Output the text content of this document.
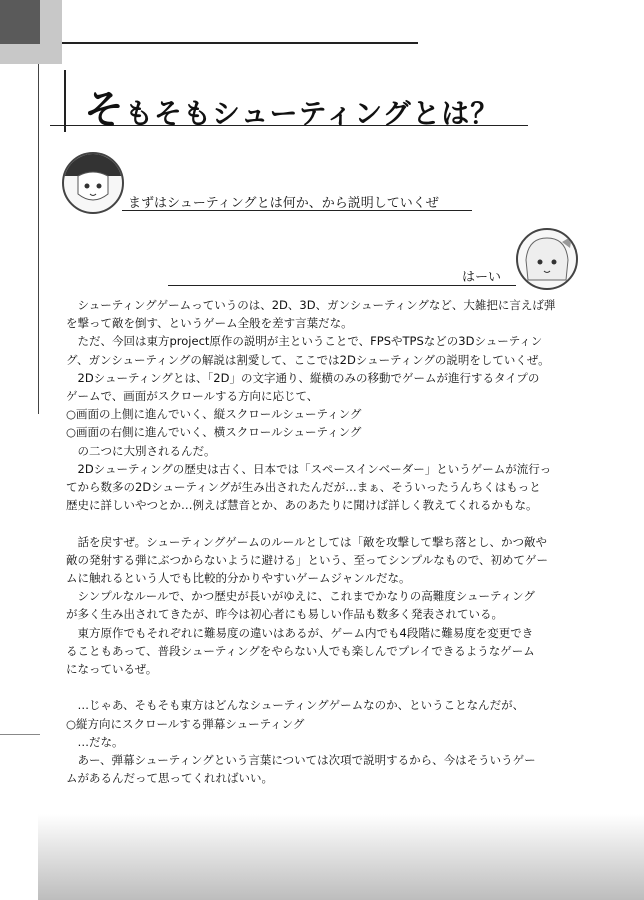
そもそもシューティングとは？
まずはシューティングとは何か、から説明していくぜ
はーい

　シューティングゲームっていうのは、2D、3D、ガンシューティングなど、大雑把に言えば弾

を撃って敵を倒す、というゲーム全般を差す言葉だな。

　ただ、今回は東方project原作の説明が主ということで、FPSやTPSなどの3Dシューティン

グ、ガンシューティングの解説は割愛して、ここでは2Dシューティングの説明をしていくぜ。

　2Dシューティングとは、「2D」の文字通り、縦横のみの移動でゲームが進行するタイプの

ゲームで、画面がスクロールする方向に応じて、

○画面の上側に進んでいく、縦スクロールシューティング

○画面の右側に進んでいく、横スクロールシューティング

　の二つに大別されるんだ。

　2Dシューティングの歴史は古く、日本では「スペースインベーダー」というゲームが流行っ

てから数多の2Dシューティングが生み出されたんだが…まぁ、そういったうんちくはもっと

歴史に詳しいやつとか…例えば慧音とか、あのあたりに聞けば詳しく教えてくれるかもな。

　話を戻すぜ。シューティングゲームのルールとしては「敵を攻撃して撃ち落とし、かつ敵や

敵の発射する弾にぶつからないように避ける」という、至ってシンプルなもので、初めてゲー

ムに触れるという人でも比較的分かりやすいゲームジャンルだな。

　シンプルなルールで、かつ歴史が長いがゆえに、これまでかなりの高難度シューティング

が多く生み出されてきたが、昨今は初心者にも易しい作品も数多く発表されている。

　東方原作でもそれぞれに難易度の違いはあるが、ゲーム内でも4段階に難易度を変更でき

ることもあって、普段シューティングをやらない人でも楽しんでプレイできるようなゲーム

になっているぜ。

　…じゃあ、そもそも東方はどんなシューティングゲームなのか、ということなんだが、

○縦方向にスクロールする弾幕シューティング

　…だな。

　あー、弾幕シューティングという言葉については次項で説明するから、今はそういうゲー

ムがあるんだって思ってくれればいい。
